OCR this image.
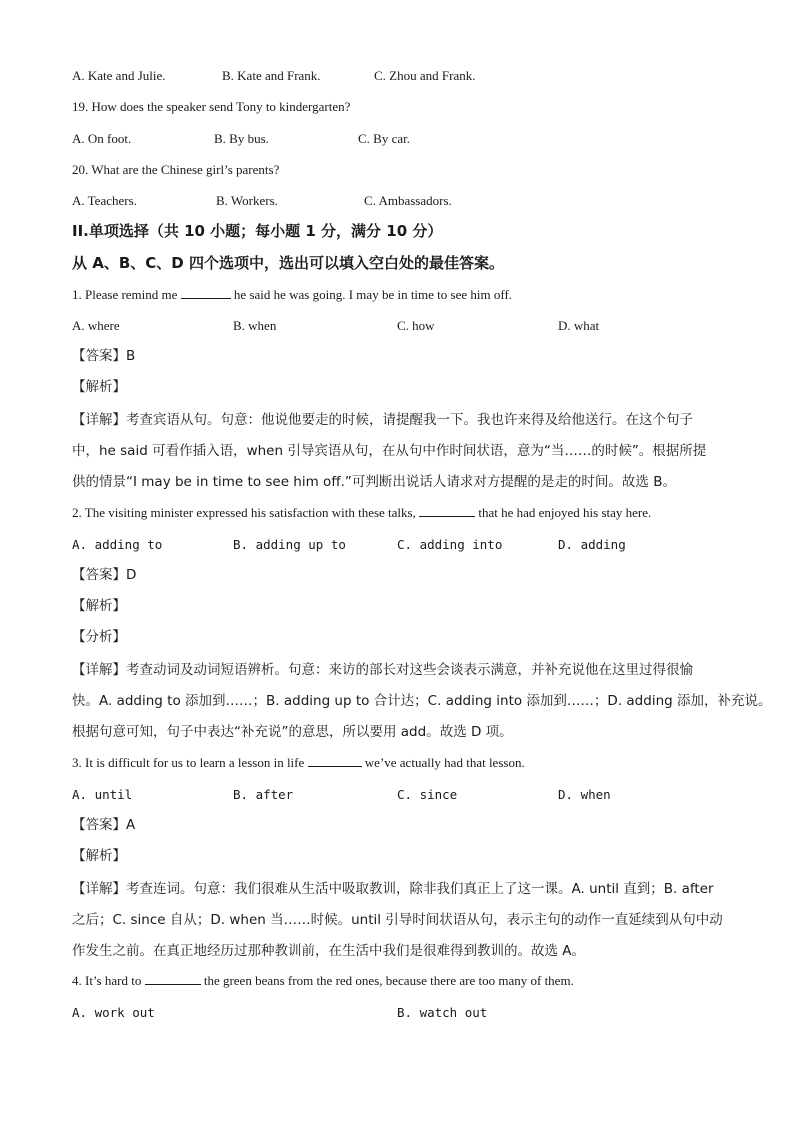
A. Kate and Julie.	B. Kate and Frank.	C. Zhou and Frank.
19. How does the speaker send Tony to kindergarten?
A. On foot.	B. By bus.	C. By car.
20. What are the Chinese girl’s parents?
A. Teachers.	B. Workers.	C. Ambassadors.
II.单项选择（共 10 小题；每小题 1 分，满分 10 分）
从 A、B、C、D 四个选项中，选出可以填入空白处的最佳答案。
1. Please remind me	he said he was going. I may be in time to see him off.
A. where	B. when	C. how	D. what
【答案】B
【解析】
【详解】考查宾语从句。句意：他说他要走的时候，请提醒我一下。我也许来得及给他送行。在这个句子
中，he said 可看作插入语，when 引导宾语从句，在从句中作时间状语，意为“当……的时候”。根据所提
供的情景“I may be in time to see him off.”可判断出说话人请求对方提醒的是走的时间。故选 B。
2. The visiting minister expressed his satisfaction with these talks,	that he had enjoyed his stay here.
A. adding to	B. adding up to	C. adding into	D. adding
【答案】D
【解析】
【分析】
【详解】考查动词及动词短语辨析。句意：来访的部长对这些会谈表示满意，并补充说他在这里过得很愉
快。A. adding to 添加到……；B. adding up to 合计达；C. adding into 添加到……；D. adding 添加，补充说。
根据句意可知，句子中表达“补充说”的意思，所以要用 add。故选 D 项。
3. It is difficult for us to learn a lesson in life	we’ve actually had that lesson.
A. until	B. after	C. since	D. when
【答案】A
【解析】
【详解】考查连词。句意：我们很难从生活中吸取教训，除非我们真正上了这一课。A. until 直到；B. after
之后；C. since 自从；D. when 当……时候。until 引导时间状语从句，表示主句的动作一直延续到从句中动
作发生之前。在真正地经历过那种教训前，在生活中我们是很难得到教训的。故选 A。
4. It’s hard to	the green beans from the red ones, because there are too many of them.
A. work out	B. watch out
